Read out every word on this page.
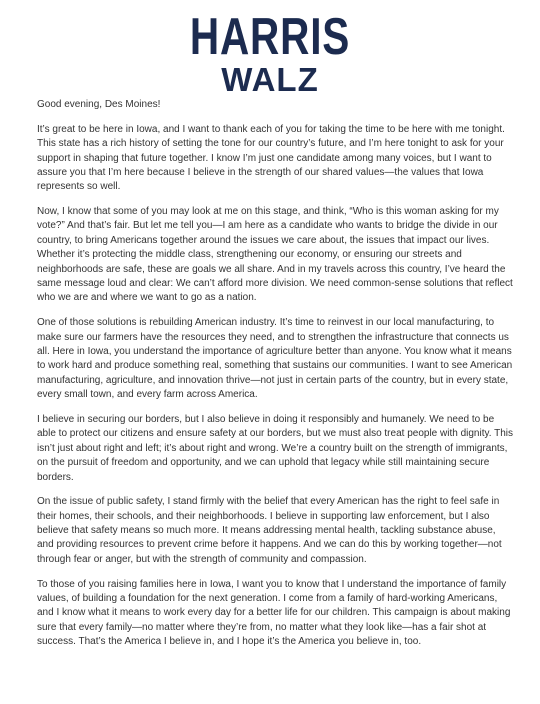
HARRIS
WALZ

Good evening, Des Moines!

It’s great to be here in Iowa, and I want to thank each of you for taking the time to be here with me tonight. This state has a rich history of setting the tone for our country’s future, and I’m here tonight to ask for your support in shaping that future together. I know I’m just one candidate among many voices, but I want to assure you that I’m here because I believe in the strength of our shared values—the values that Iowa represents so well.

Now, I know that some of you may look at me on this stage, and think, “Who is this woman asking for my vote?” And that’s fair. But let me tell you—I am here as a candidate who wants to bridge the divide in our country, to bring Americans together around the issues we care about, the issues that impact our lives. Whether it’s protecting the middle class, strengthening our economy, or ensuring our streets and neighborhoods are safe, these are goals we all share. And in my travels across this country, I’ve heard the same message loud and clear: We can’t afford more division. We need common-sense solutions that reflect who we are and where we want to go as a nation.

One of those solutions is rebuilding American industry. It’s time to reinvest in our local manufacturing, to make sure our farmers have the resources they need, and to strengthen the infrastructure that connects us all. Here in Iowa, you understand the importance of agriculture better than anyone. You know what it means to work hard and produce something real, something that sustains our communities. I want to see American manufacturing, agriculture, and innovation thrive—not just in certain parts of the country, but in every state, every small town, and every farm across America.

I believe in securing our borders, but I also believe in doing it responsibly and humanely. We need to be able to protect our citizens and ensure safety at our borders, but we must also treat people with dignity. This isn’t just about right and left; it’s about right and wrong. We’re a country built on the strength of immigrants, on the pursuit of freedom and opportunity, and we can uphold that legacy while still maintaining secure borders.

On the issue of public safety, I stand firmly with the belief that every American has the right to feel safe in their homes, their schools, and their neighborhoods. I believe in supporting law enforcement, but I also believe that safety means so much more. It means addressing mental health, tackling substance abuse, and providing resources to prevent crime before it happens. And we can do this by working together—not through fear or anger, but with the strength of community and compassion.

To those of you raising families here in Iowa, I want you to know that I understand the importance of family values, of building a foundation for the next generation. I come from a family of hard-working Americans, and I know what it means to work every day for a better life for our children. This campaign is about making sure that every family—no matter where they’re from, no matter what they look like—has a fair shot at success. That’s the America I believe in, and I hope it’s the America you believe in, too.
